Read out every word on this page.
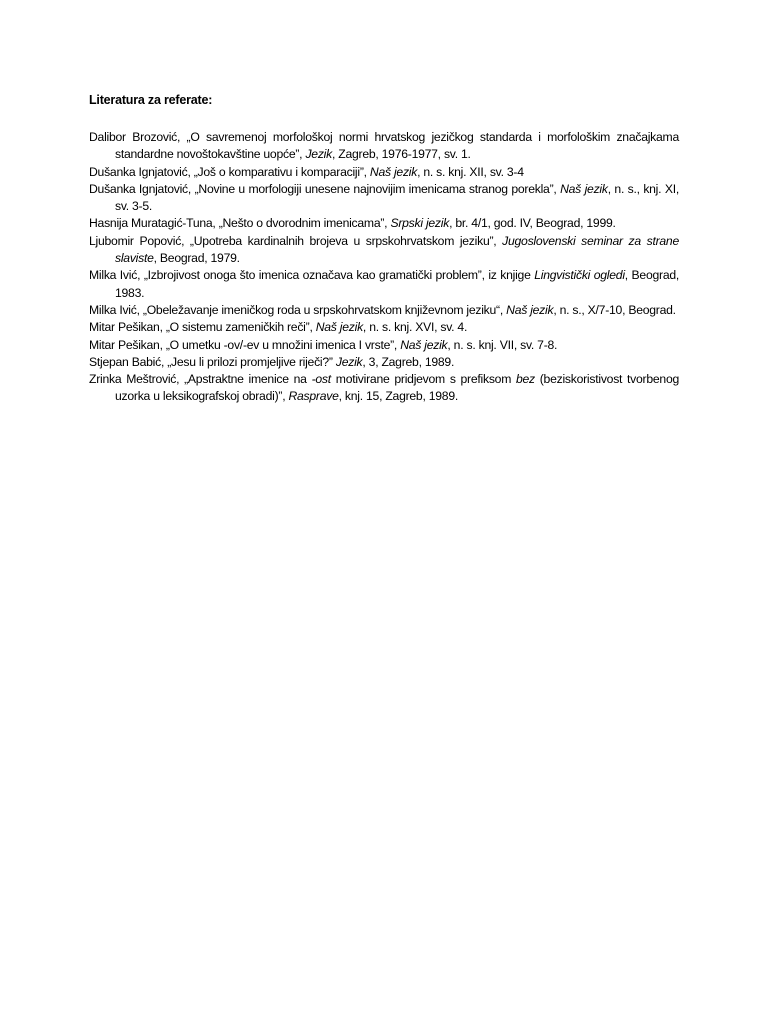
Literatura za referate:

Dalibor Brozović, „O savremenoj morfološkoj normi hrvatskog jezičkog standarda i morfološkim značajkama standardne novoštokavštine uopće”, Jezik, Zagreb, 1976-1977, sv. 1.

Dušanka Ignjatović, „Još o komparativu i komparaciji”, Naš jezik, n. s. knj. XII, sv. 3-4

Dušanka Ignjatović, „Novine u morfologiji unesene najnovijim imenicama stranog porekla”, Naš jezik, n. s., knj. XI, sv. 3-5.

Hasnija Muratagić-Tuna, „Nešto o dvorodnim imenicama”, Srpski jezik, br. 4/1, god. IV, Beograd, 1999.

Ljubomir Popović, „Upotreba kardinalnih brojeva u srpskohrvatskom jeziku”, Jugoslovenski seminar za strane slaviste, Beograd, 1979.

Milka Ivić, „Izbrojivost onoga što imenica označava kao gramatički problem”, iz knjige Lingvistički ogledi, Beograd, 1983.

Milka Ivić, „Obeležavanje imeničkog roda u srpskohrvatskom književnom jeziku“, Naš jezik, n. s., X/7-10, Beograd.

Mitar Pešikan, „O sistemu zameničkih reči”, Naš jezik, n. s. knj. XVI, sv. 4.

Mitar Pešikan, „O umetku -ov/-ev u množini imenica I vrste”, Naš jezik, n. s. knj. VII, sv. 7-8.

Stjepan Babić, „Jesu li prilozi promjeljive riječi?” Jezik, 3, Zagreb, 1989.

Zrinka Meštrović, „Apstraktne imenice na -ost motivirane pridjevom s prefiksom bez (beziskoristivost tvorbenog uzorka u leksikografskoj obradi)”, Rasprave, knj. 15, Zagreb, 1989.
